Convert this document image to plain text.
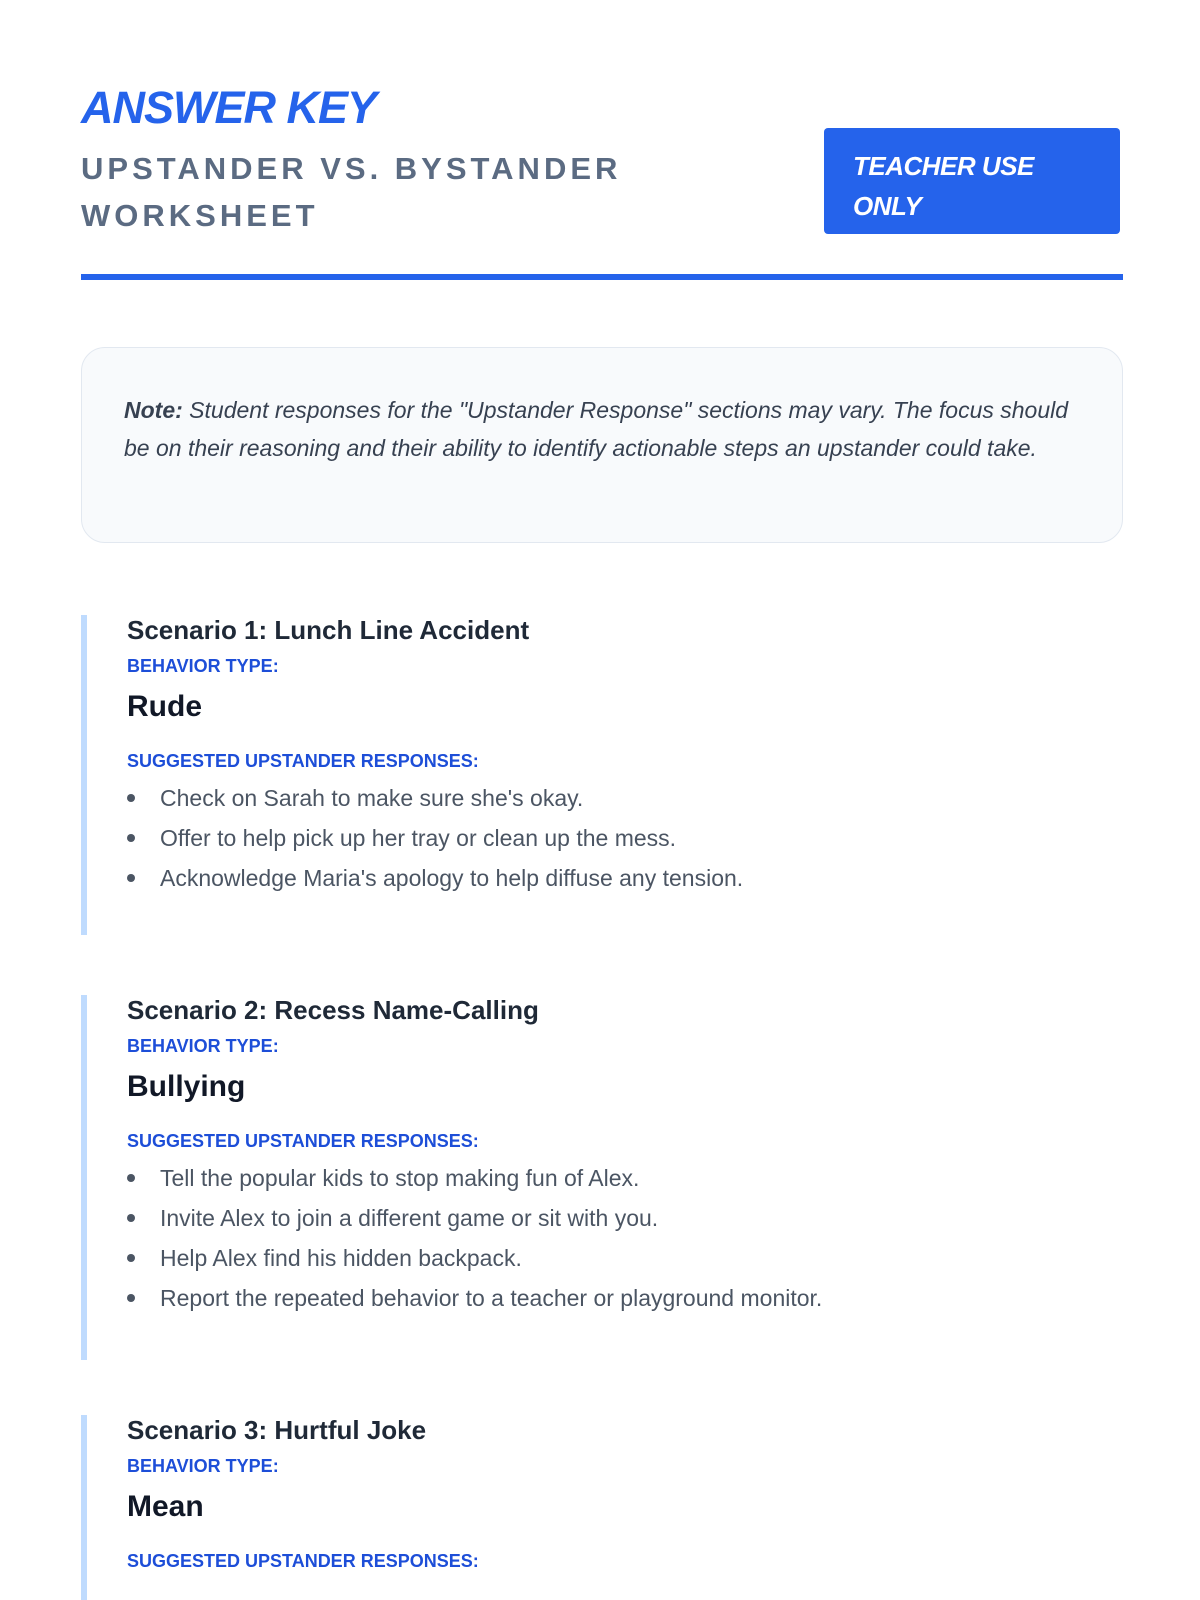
ANSWER KEY
UPSTANDER VS. BYSTANDER WORKSHEET
TEACHER USE ONLY
Note: Student responses for the "Upstander Response" sections may vary. The focus should be on their reasoning and their ability to identify actionable steps an upstander could take.
Scenario 1: Lunch Line Accident
BEHAVIOR TYPE:
Rude
SUGGESTED UPSTANDER RESPONSES:
Check on Sarah to make sure she's okay.
Offer to help pick up her tray or clean up the mess.
Acknowledge Maria's apology to help diffuse any tension.
Scenario 2: Recess Name-Calling
BEHAVIOR TYPE:
Bullying
SUGGESTED UPSTANDER RESPONSES:
Tell the popular kids to stop making fun of Alex.
Invite Alex to join a different game or sit with you.
Help Alex find his hidden backpack.
Report the repeated behavior to a teacher or playground monitor.
Scenario 3: Hurtful Joke
BEHAVIOR TYPE:
Mean
SUGGESTED UPSTANDER RESPONSES:
